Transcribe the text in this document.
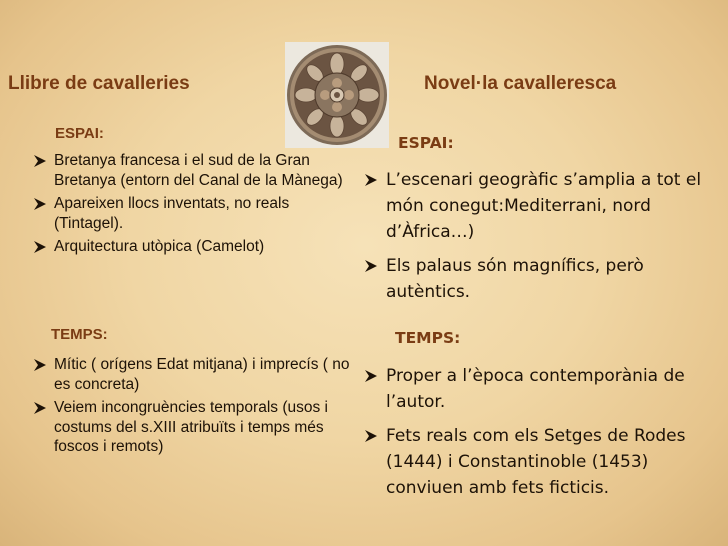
Llibre de cavalleries	Novel·la cavalleresca
ESPAI:
Bretanya francesa i el sud de la Gran Bretanya (entorn del Canal de la Mànega)
Apareixen llocs inventats, no reals (Tintagel).
Arquitectura utòpica (Camelot)
TEMPS:
Mític ( orígens Edat mitjana) i imprecís ( no es concreta)
Veiem incongruències temporals (usos i costums del s.XIII atribuïts i temps més foscos i remots)
ESPAI:
L’escenari geogràfic s’amplia a tot el món conegut:Mediterrani, nord d’Àfrica…)
Els palaus són magnífics, però autèntics.
TEMPS:
Proper a l’època contemporània de l’autor.
Fets reals com els Setges de Rodes (1444) i Constantinoble (1453) conviuen amb fets ficticis.
